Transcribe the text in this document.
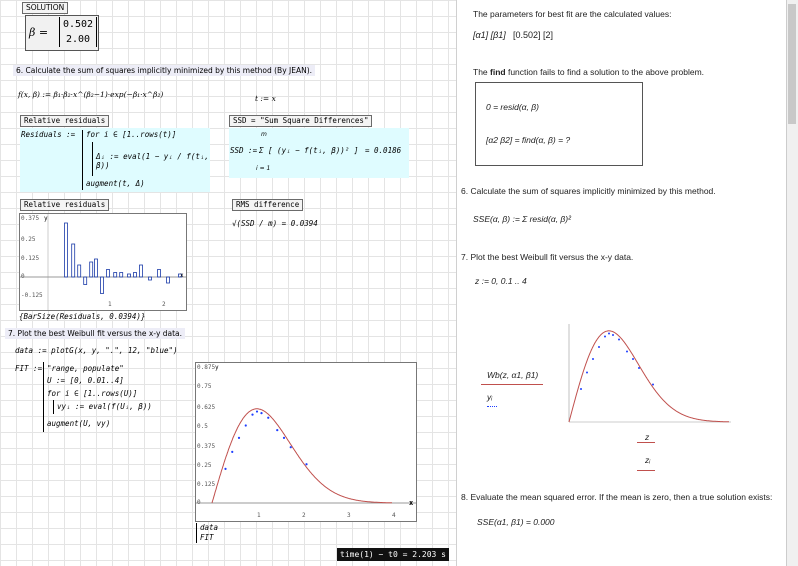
SOLUTION
β =
0.502
2.00
6. Calculate the sum of squares implicitly minimized by this method (By JEAN).
f(x, β) := β₁·β₂·x^(β₂−1)·exp(−β₁·x^β₂)	t := x
Relative residuals
Residuals := for i ∈ [1..rows(t)]
Δᵢ := eval(1 − yᵢ / f(tᵢ, β))
augment(t, Δ)
SSD = "Sum Square Differences"
SSD :=
m
Σ [ (yᵢ − f(tᵢ, β))² ]
i = 1
= 0.0186
Relative residuals
0.375
0.25
0.125
0
-0.125
1	2
y
x
{BarSize(Residuals, 0.0394)}
RMS difference
√(SSD / m) = 0.0394
7. Plot the best Weibull fit versus the x-y data.
data := plotG(x, y, ".", 12, "blue")
FIT := "range, populate"
U := [0, 0.01..4]
for i ∈ [1..rows(U)]
vyᵢ := eval(f(Uᵢ, β))
augment(U, vy)
0.875
0.75
0.625
0.5
0.375
0.25
0.125
0
1	2	3	4
y
x
data
FIT
time(1) − t0 = 2.203 s
The parameters for best fit are the calculated values:
[α1] [β1] [0.502] [2]
The find function fails to find a solution to the above problem.
0 = resid(α, β)
[α2 β2] = find(α, β) = ?
6. Calculate the sum of squares implicitly minimized by this method.
SSE(α, β) := Σ resid(α, β)²
7. Plot the best Weibull fit versus the x-y data.
z := 0, 0.1 .. 4
Wb(z, α1, β1)
yᵢ
z
zᵢ
8. Evaluate the mean squared error. If the mean is zero, then a true solution exists:
SSE(α1, β1) = 0.000
